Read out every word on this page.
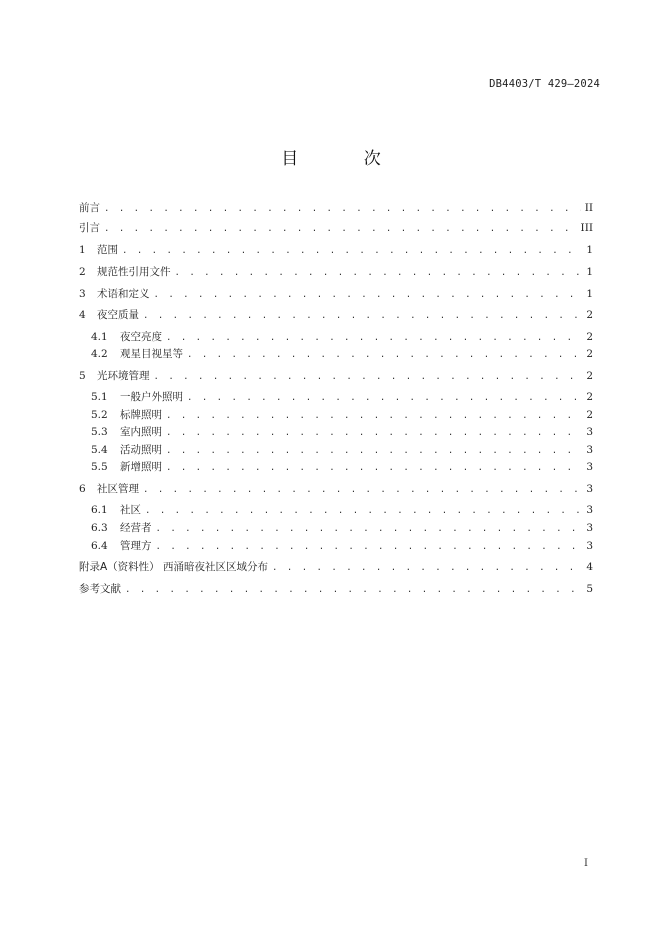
DB4403/T 429—2024
目 次
前言 . . .	II
引言 . . .	III
1	范围 . . .	1
2	规范性引用文件 . . .	1
3	术语和定义 . . .	1
4	夜空质量 . . .	2
4.1	夜空亮度 . . .	2
4.2	观星目视星等 . . .	2
5	光环境管理 . . .	2
5.1	一般户外照明 . . .	2
5.2	标牌照明 . . .	2
5.3	室内照明 . . .	3
5.4	活动照明 . . .	3
5.5	新增照明 . . .	3
6	社区管理 . . .	3
6.1	社区 . . .	3
6.3	经营者 . . .	3
6.4	管理方 . . .	3
附录A（资料性） 西涌暗夜社区区域分布 . . .	4
参考文献 . . .	5
I
